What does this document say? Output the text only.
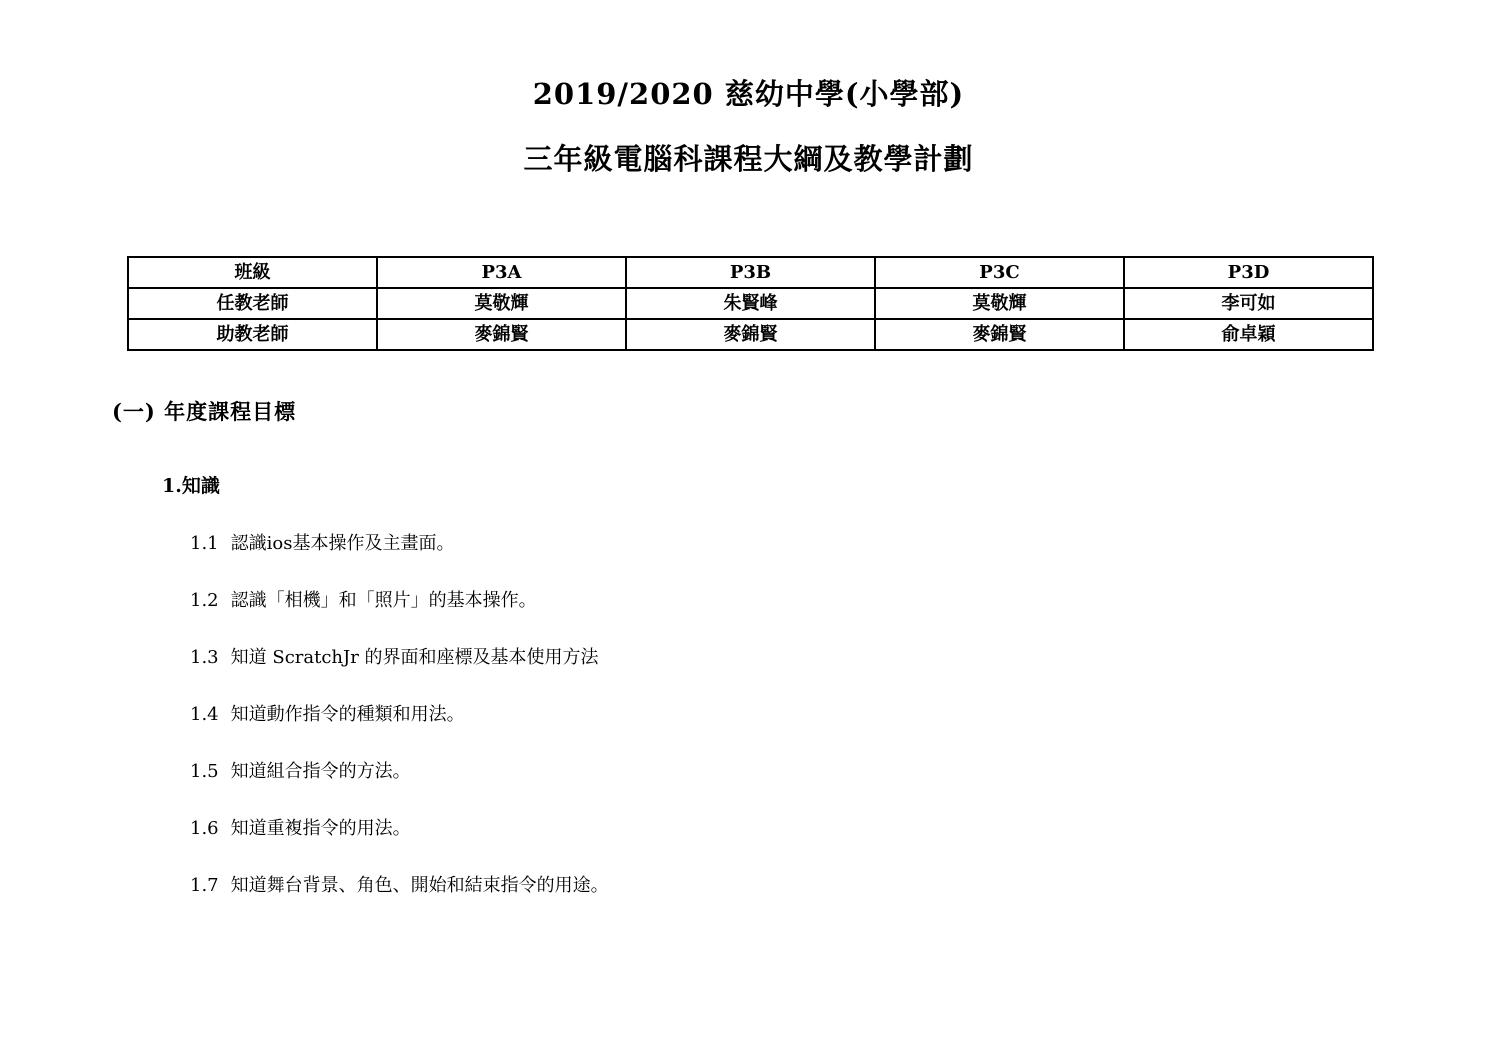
2019/2020 慈幼中學(小學部)
三年級電腦科課程大綱及教學計劃
班級	P3A	P3B	P3C	P3D
任教老師	莫敬輝	朱賢峰	莫敬輝	李可如
助教老師	麥錦賢	麥錦賢	麥錦賢	俞卓穎
(一) 年度課程目標
1.知識
1.1 認識ios基本操作及主畫面。
1.2 認識「相機」和「照片」的基本操作。
1.3 知道 ScratchJr 的界面和座標及基本使用方法
1.4 知道動作指令的種類和用法。
1.5 知道組合指令的方法。
1.6 知道重複指令的用法。
1.7 知道舞台背景、角色、開始和結束指令的用途。
